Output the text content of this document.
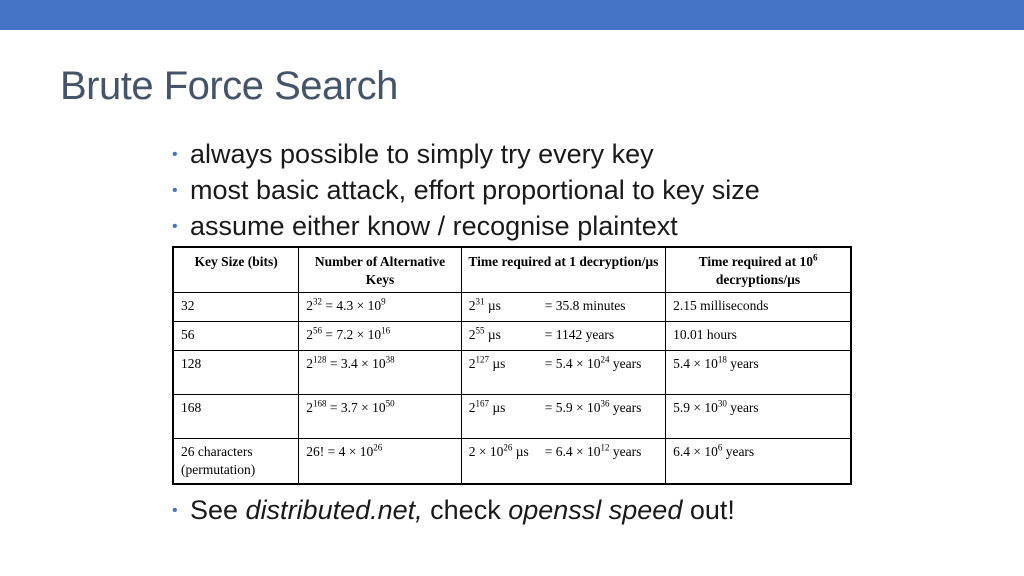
Brute Force Search
• always possible to simply try every key
• most basic attack, effort proportional to key size
• assume either know / recognise plaintext
Key Size (bits)	Number of Alternative Keys	Time required at 1 decryption/µs	Time required at $10^6$
decryptions/µs
32	$2^{32} = 4.3 \times 10^9$	$2^{31}$ µs = 35.8 minutes	2.15 milliseconds
56	$2^{56} = 7.2 \times 10^{16}$	$2^{55}$ µs = 1142 years	10.01 hours
128	$2^{128} = 3.4 \times 10^{38}$	$2^{127}$ $\mu s = 5.4 \times 10^{24}$ years	$5.4 \times 10^{18}$ years
168	$2^{168} = 3.7 \times 10^{50}$	$2^{167}$ $\mu s = 5.9 \times 10^{36}$ years	$5.9 \times 10^{30}$ years
26 characters
(permutation)	26! = $4 \times 10^{26}$	$2 \times 10^{26}$ $\mu s = 6.4 \times 10^{12}$ years	$6.4 \times 10^6$ years
• See distributed.net, check openssl speed out!
